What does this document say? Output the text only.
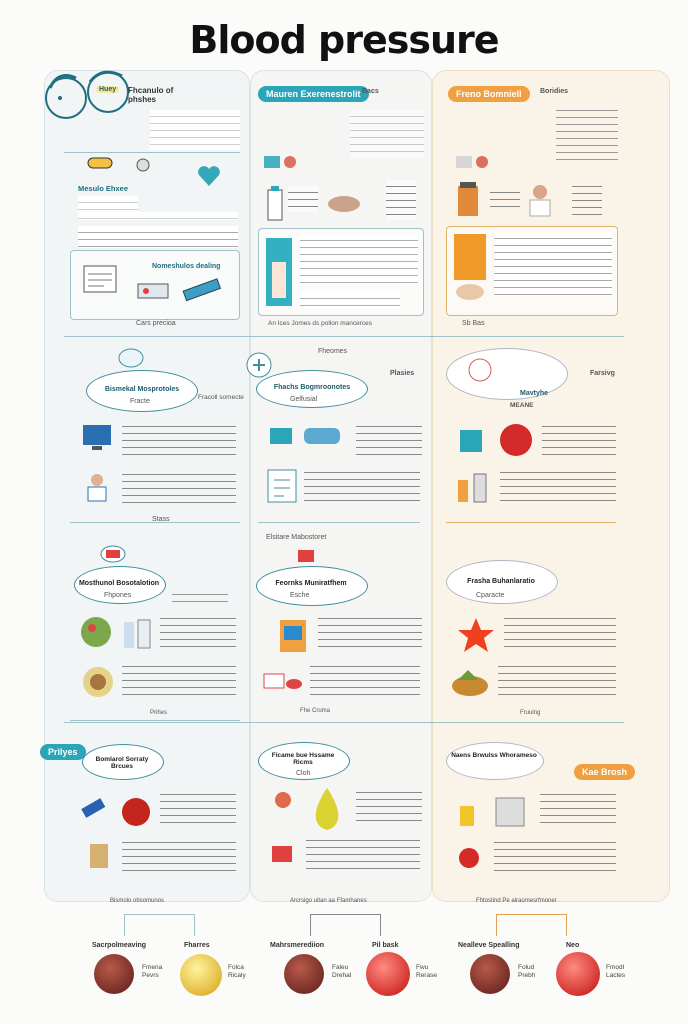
Blood pressure
Huey	Fhcanulo of phshes
Mauren Exerenestrolit Bacs	Freno Bomniell	Boridies
Mesulo Ehxee
Nomeshulos dealing
Cars precioa	An Ices Jomes ds pollon mancerces	Sb Bas
Bismekal Mosprotoles
Fracte
Fracoll somecte
Stass
Fhachs Bogmroonotes
Gelfusial
Fheomes
Plasies
Mavtyhe
Farsivg
MEANE
Mosthunol Bosotalotion
Fhpones
Prihes
Feornks Muniratfhem
Esche
Elsitare Mabostoret
Fhe Cruma
Frasha Buhanlaratio
Cparacte
Fruuing
Prilyes
Bomlarol Sorraty Brcues
Bismolo obsomunos
Ficame bue Hssame Ricms
Cloh
Arcrsigo uitan aa Ffamhanes
Naens Brwulss Whorameso
Kae Brosh
Fhtostind Pe alraomesrfmoner
Sacrpolmeaving	Fharres	Mahrsmerediion	Pil bask	Nealleve Spealling	Neo
Fmena Pevrs
Folca Ricaly
Faleu Drehal
Fwu Rerase
Folud Prebh
Fmodl Lactes
